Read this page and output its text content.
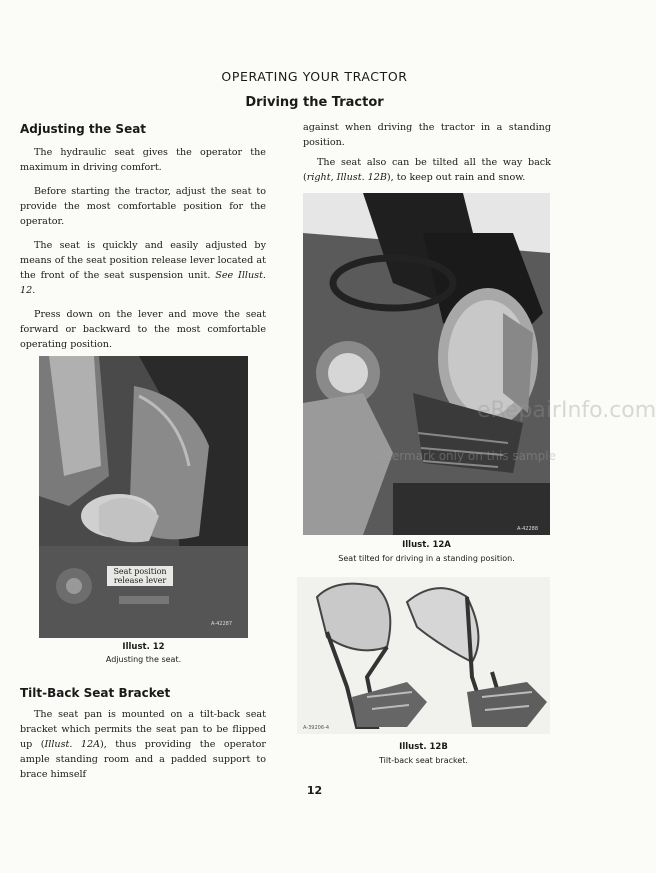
OPERATING YOUR TRACTOR
Driving the Tractor
Adjusting the Seat

The hydraulic seat gives the operator the maximum in driving comfort.

Before starting the tractor, adjust the seat to provide the most comfortable position for the operator.

The seat is quickly and easily adjusted by means of the seat position release lever located at the front of the seat suspension unit. See Illust. 12.

Press down on the lever and move the seat forward or backward to the most comfortable operating position.

Seat position release lever
A-42287
Illust. 12
Adjusting the seat.
Tilt-Back Seat Bracket

The seat pan is mounted on a tilt-back seat bracket which permits the seat pan to be flipped up (Illust. 12A), thus providing the operator ample standing room and a padded support to brace himself

against when driving the tractor in a standing position.

The seat also can be tilted all the way back (right, Illust. 12B), to keep out rain and snow.

A-42288
Illust. 12A
Seat tilted for driving in a standing position.
A-39206-4
Illust. 12B
Tilt-back seat bracket.
eRepairInfo.com
watermark only on this sample
12
